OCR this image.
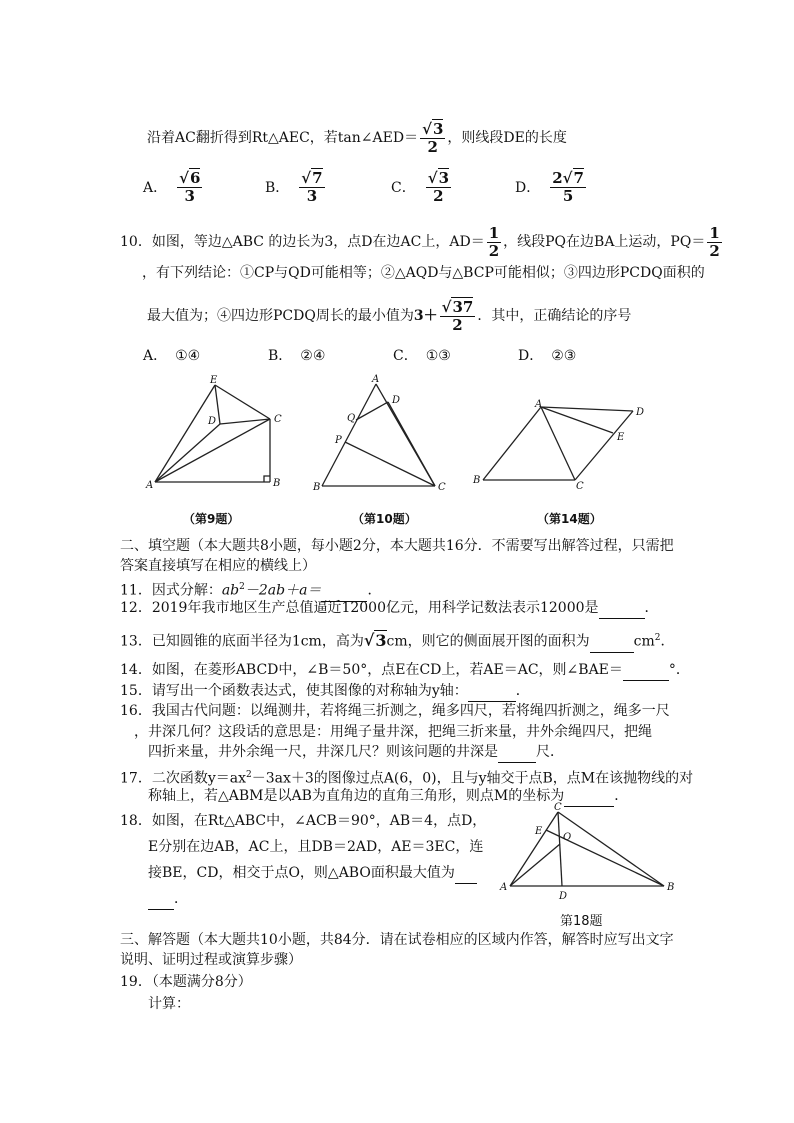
沿着AC翻折得到Rt△AEC，若tan∠AED＝ $\frac{√3}{2}$ ，则线段DE的长度
A． $\frac{√6}{3}$	B． $\frac{√7}{3}$	C． $\frac{√3}{2}$	D． $\frac{2√7}{5}$
10．如图，等边△ABC 的边长为3，点D在边AC上，$AD= \frac{1}{2}$ ，线段PQ在边BA上运动，$PQ= \frac{1}{2}$
，有下列结论：①CP与QD可能相等；②△AQD与△BCP可能相似；③四边形PCDQ面积的
最大值为；④四边形PCDQ周长的最小值为 $3+ \frac{√37}{2}$ ．其中，正确结论的序号
A． ①④	B． ②④	C． ①③	D． ②③
E
D	C
A	B
（第9题）
A
D
Q
P
B	C
（第10题）
A
D
E
B
C
（第14题）
二、填空题（本大题共8小题，每小题2分，本大题共16分．不需要写出解答过程，只需把
答案直接填写在相应的横线上）
11．因式分解：$ab^2-2ab+a=$	．
12．2019年我市地区生产总值逼近12000亿元，用科学记数法表示12000是	．
13．已知圆锥的底面半径为1cm，高为√3cm，则它的侧面展开图的面积为	$cm^2$．
14．如图，在菱形ABCD中，∠B＝50°，点E在CD上，若AE＝AC，则∠BAE＝	°．
15．请写出一个函数表达式，使其图像的对称轴为y轴：	．
16．我国古代问题：以绳测井，若将绳三折测之，绳多四尺，若将绳四折测之，绳多一尺
，井深几何？这段话的意思是：用绳子量井深，把绳三折来量，井外余绳四尺，把绳
四折来量，井外余绳一尺，井深几尺？则该问题的井深是	尺．
17．二次函数$y=ax^2-3ax+3$的图像过点A(6，0)，且与y轴交于点B，点M在该抛物线的对
称轴上，若△ABM是以AB为直角边的直角三角形，则点M的坐标为	．
18．如图，在Rt△ABC中，∠ACB＝90°，AB＝4，点D，
E分别在边AB，AC上，且DB＝2AD，AE＝3EC，连
接BE，CD，相交于点O，则△ABO面积最大值为
．
C
E
O
A
D
B
第18题
三、解答题（本大题共10小题，共84分．请在试卷相应的区域内作答，解答时应写出文字
说明、证明过程或演算步骤）
19．（本题满分8分）
计算：
